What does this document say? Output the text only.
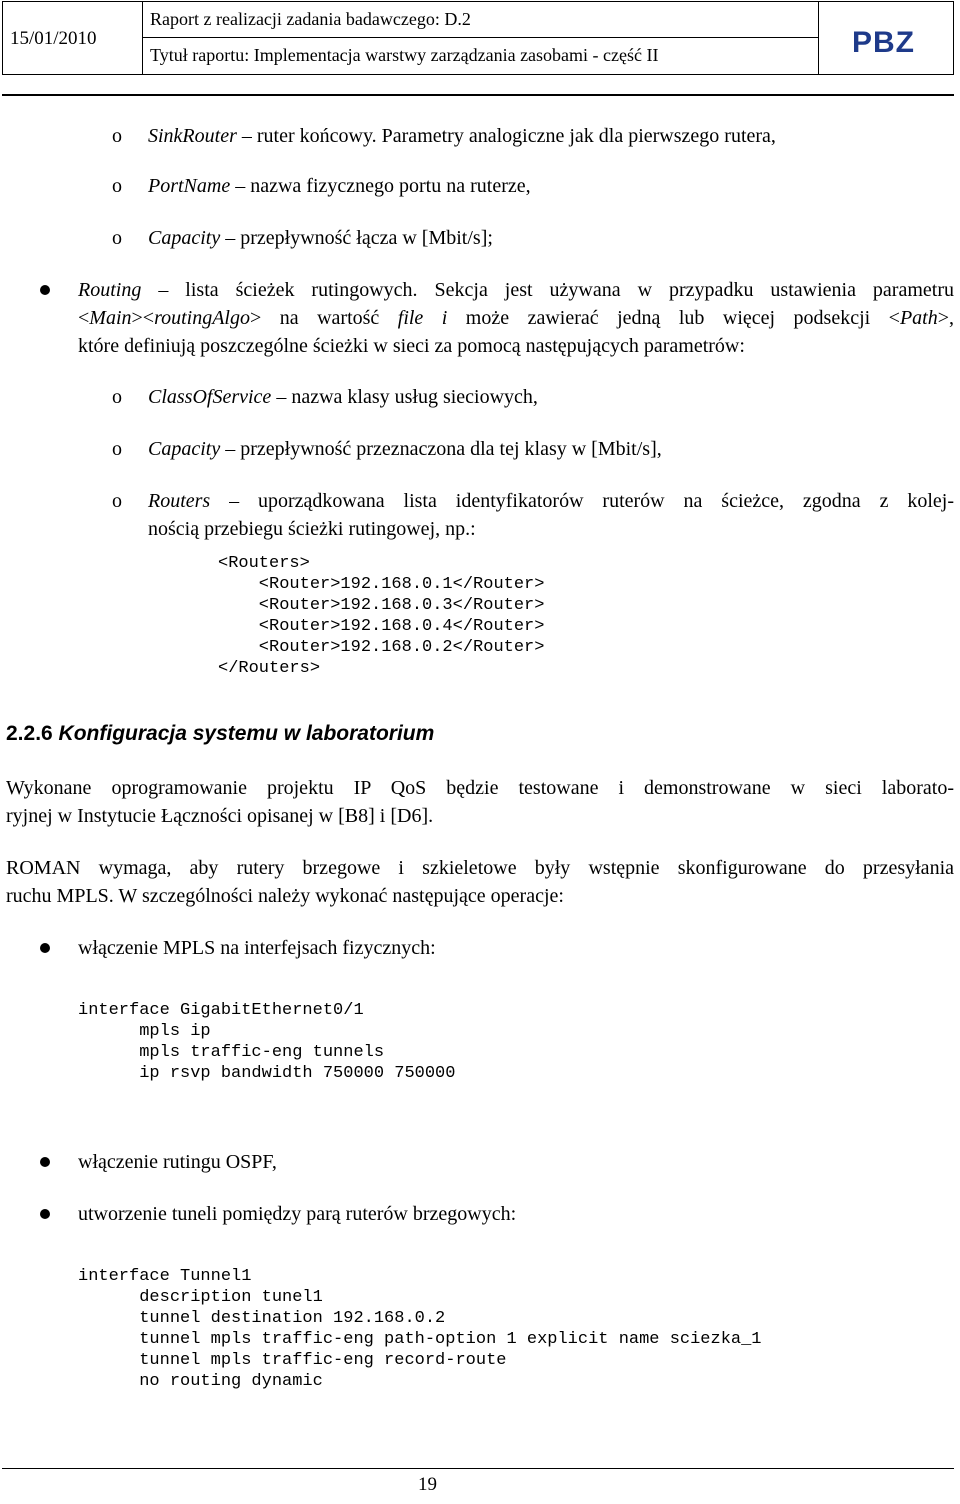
15/01/2010
Raport z realizacji zadania badawczego: D.2
Tytuł raportu: Implementacja warstwy zarządzania zasobami - część II	PBZ
o SinkRouter – ruter końcowy. Parametry analogiczne jak dla pierwszego rutera,
o PortName – nazwa fizycznego portu na ruterze,
o Capacity – przepływność łącza w [Mbit/s];
Routing – lista ścieżek rutingowych. Sekcja jest używana w przypadku ustawienia parametru
<Main><routingAlgo> na wartość file i może zawierać jedną lub więcej podsekcji <Path>,
które definiują poszczególne ścieżki w sieci za pomocą następujących parametrów:
o ClassOfService – nazwa klasy usług sieciowych,
o Capacity – przepływność przeznaczona dla tej klasy w [Mbit/s],
o Routers – uporządkowana lista identyfikatorów ruterów na ścieżce, zgodna z kolej-
nością przebiegu ścieżki rutingowej, np.:
<Routers>
<Router>192.168.0.1</Router>
<Router>192.168.0.3</Router>
<Router>192.168.0.4</Router>
<Router>192.168.0.2</Router>
</Routers>
2.2.6 Konfiguracja systemu w laboratorium
Wykonane oprogramowanie projektu IP QoS będzie testowane i demonstrowane w sieci laborato-
ryjnej w Instytucie Łączności opisanej w [B8] i [D6].
ROMAN wymaga, aby rutery brzegowe i szkieletowe były wstępnie skonfigurowane do przesyłania
ruchu MPLS. W szczególności należy wykonać następujące operacje:
włączenie MPLS na interfejsach fizycznych:
interface GigabitEthernet0/1
mpls ip
mpls traffic-eng tunnels
ip rsvp bandwidth 750000 750000
włączenie rutingu OSPF,
utworzenie tuneli pomiędzy parą ruterów brzegowych:
interface Tunnel1
description tunel1
tunnel destination 192.168.0.2
tunnel mpls traffic-eng path-option 1 explicit name sciezka_1
tunnel mpls traffic-eng record-route
no routing dynamic
19
